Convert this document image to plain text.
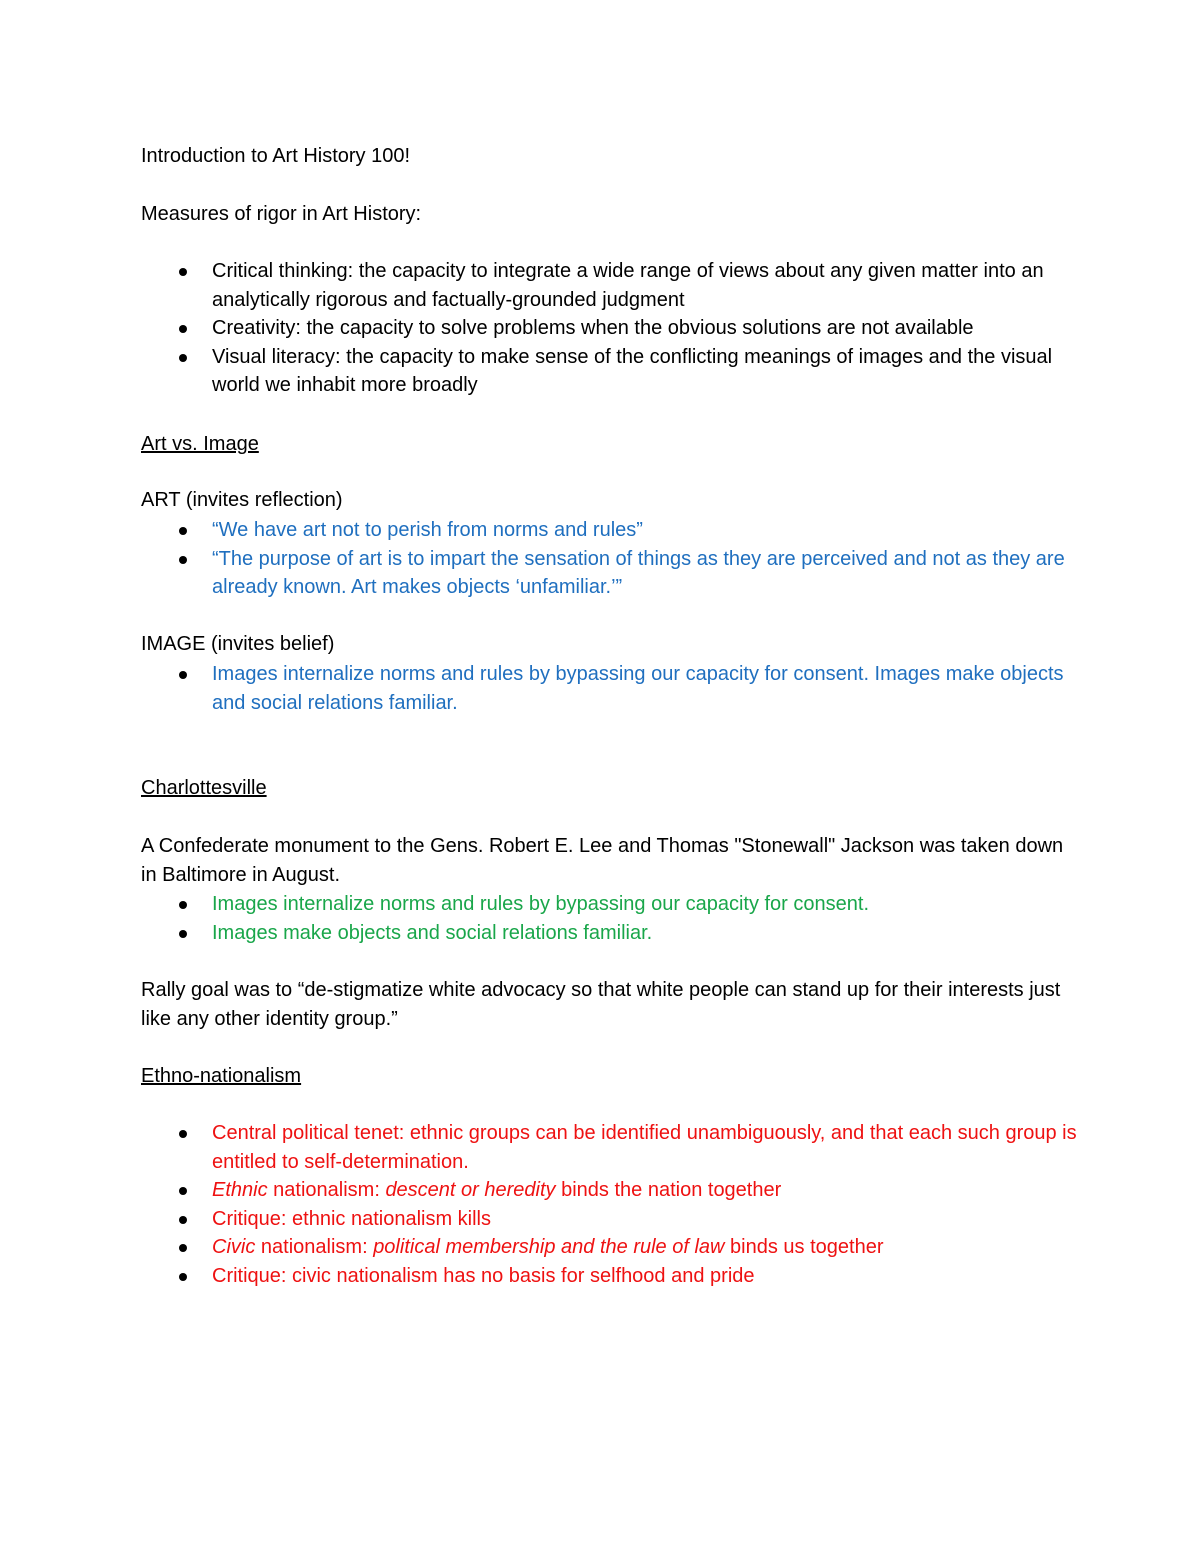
Introduction to Art History 100!
Measures of rigor in Art History:
Critical thinking: the capacity to integrate a wide range of views about any given matter into an analytically rigorous and factually-grounded judgment
Creativity: the capacity to solve problems when the obvious solutions are not available
Visual literacy: the capacity to make sense of the conflicting meanings of images and the visual world we inhabit more broadly
Art vs. Image
ART (invites reflection)
“We have art not to perish from norms and rules”
“The purpose of art is to impart the sensation of things as they are perceived and not as they are already known. Art makes objects ‘unfamiliar.’”
IMAGE (invites belief)
Images internalize norms and rules by bypassing our capacity for consent. Images make objects and social relations familiar.
Charlottesville
A Confederate monument to the Gens. Robert E. Lee and Thomas "Stonewall" Jackson was taken down in Baltimore in August.
Images internalize norms and rules by bypassing our capacity for consent.
Images make objects and social relations familiar.
Rally goal was to “de-stigmatize white advocacy so that white people can stand up for their interests just like any other identity group.”
Ethno-nationalism
Central political tenet: ethnic groups can be identified unambiguously, and that each such group is entitled to self-determination.
Ethnic nationalism: descent or heredity binds the nation together
Critique: ethnic nationalism kills
Civic nationalism: political membership and the rule of law binds us together
Critique: civic nationalism has no basis for selfhood and pride
